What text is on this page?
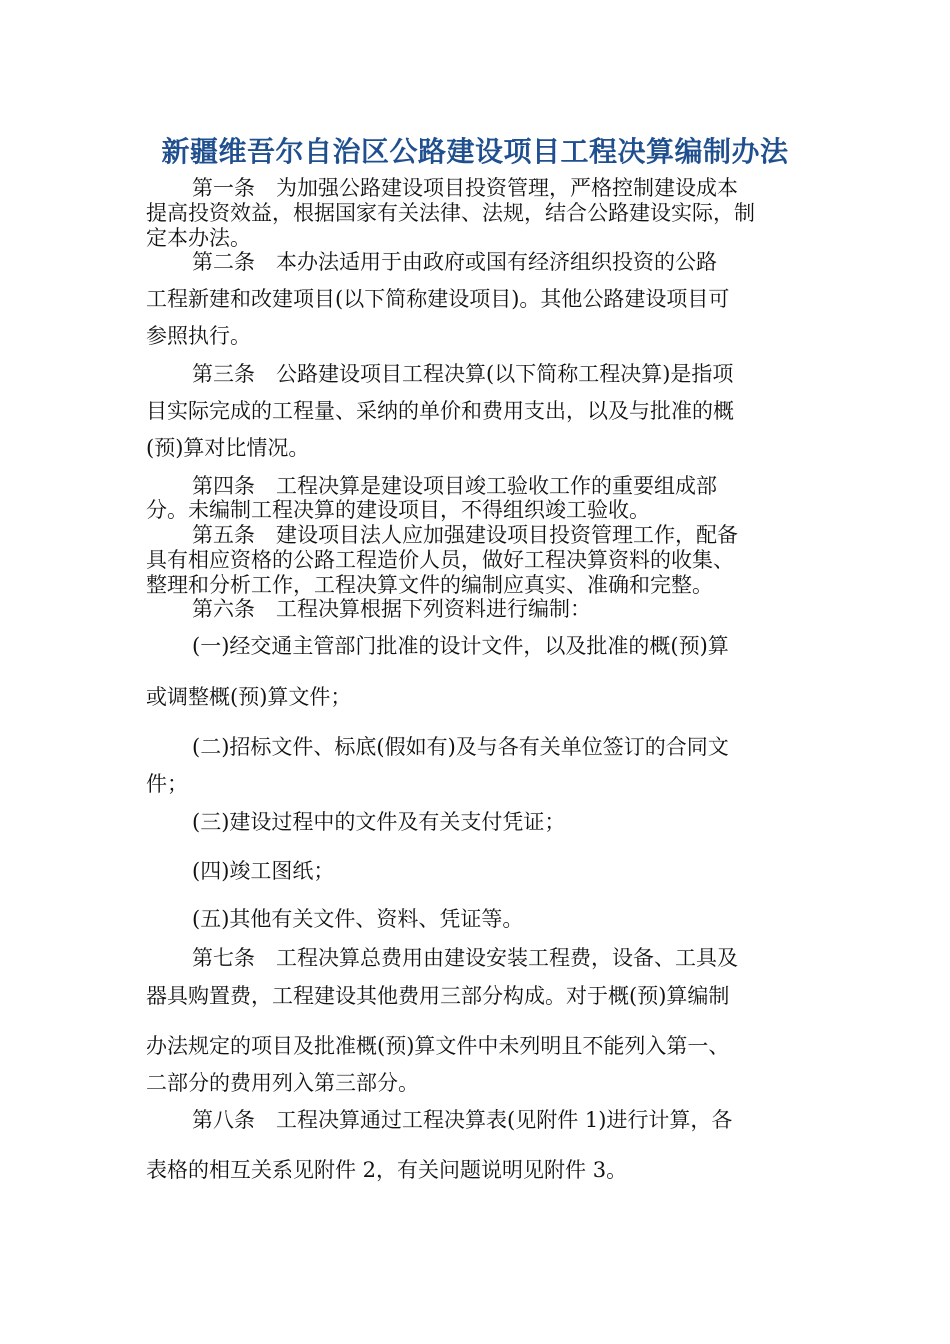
新疆维吾尔自治区公路建设项目工程决算编制办法
第一条　为加强公路建设项目投资管理，严格控制建设成本
提高投资效益，根据国家有关法律、法规，结合公路建设实际，制
定本办法。
第二条　本办法适用于由政府或国有经济组织投资的公路
工程新建和改建项目(以下简称建设项目)。其他公路建设项目可
参照执行。
第三条　公路建设项目工程决算(以下简称工程决算)是指项
目实际完成的工程量、采纳的单价和费用支出，以及与批准的概
(预)算对比情况。
第四条　工程决算是建设项目竣工验收工作的重要组成部
分。未编制工程决算的建设项目，不得组织竣工验收。
第五条　建设项目法人应加强建设项目投资管理工作，配备
具有相应资格的公路工程造价人员，做好工程决算资料的收集、
整理和分析工作，工程决算文件的编制应真实、准确和完整。
第六条　工程决算根据下列资料进行编制：
(一)经交通主管部门批准的设计文件，以及批准的概(预)算
或调整概(预)算文件；
(二)招标文件、标底(假如有)及与各有关单位签订的合同文
件；
(三)建设过程中的文件及有关支付凭证；
(四)竣工图纸；
(五)其他有关文件、资料、凭证等。
第七条　工程决算总费用由建设安装工程费，设备、工具及
器具购置费，工程建设其他费用三部分构成。对于概(预)算编制
办法规定的项目及批准概(预)算文件中未列明且不能列入第一、
二部分的费用列入第三部分。
第八条　工程决算通过工程决算表(见附件 1)进行计算，各
表格的相互关系见附件 2，有关问题说明见附件 3。
